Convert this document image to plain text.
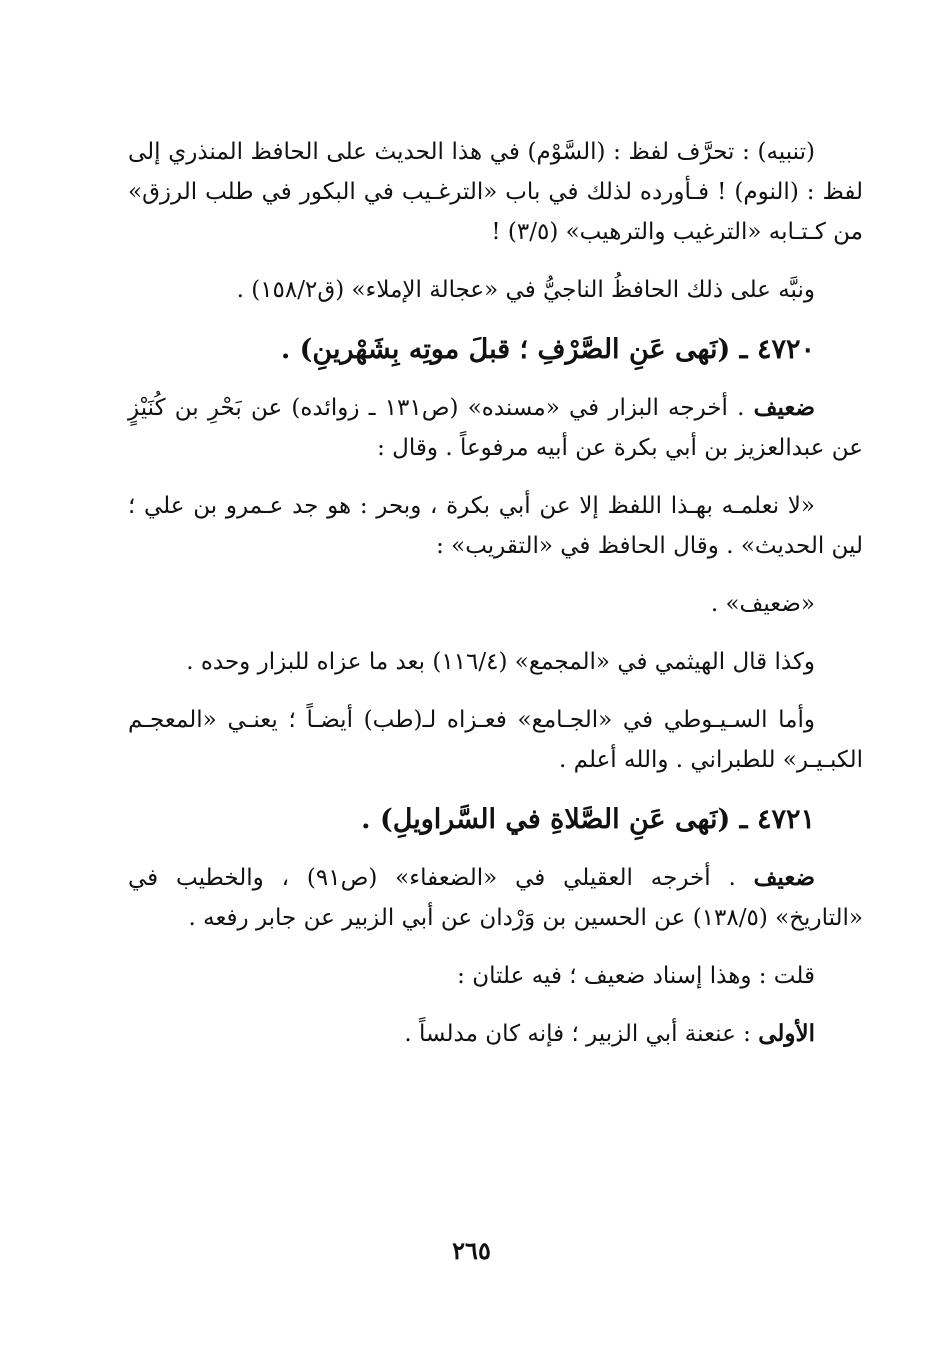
(تنبيه) : تحرَّف لفظ : (السَّوْم) في هذا الحديث على الحافظ المنذري إلى لفظ : (النوم) ! فـأورده لذلك في باب «الترغـيب في البكور في طلب الرزق» من كـتـابه «الترغيب والترهيب» (٣/٥) !

ونبَّه على ذلك الحافظُ الناجيُّ في «عجالة الإملاء» (ق١٥٨/٢) .

٤٧٢٠ ـ (نَهى عَنِ الصَّرْفِ ؛ قبلَ موتِه بِشَهْرينِ) .

ضعيف . أخرجه البزار في «مسنده» (ص١٣١ ـ زوائده) عن بَحْرِ بن كُنَيْزٍ عن عبدالعزيز بن أبي بكرة عن أبيه مرفوعاً . وقال :

«لا نعلمـه بهـذا اللفظ إلا عن أبي بكرة ، وبحر : هو جد عـمرو بن علي ؛ لين الحديث» . وقال الحافظ في «التقريب» :

«ضعيف» .

وكذا قال الهيثمي في «المجمع» (١١٦/٤) بعد ما عزاه للبزار وحده .

وأما السـيـوطي في «الجـامع» فعـزاه لـ(طب) أيضـاً ؛ يعنـي «المعجـم الكبـيـر» للطبراني . والله أعلم .

٤٧٢١ ـ (نَهى عَنِ الصَّلاةِ في السَّراويلِ) .

ضعيف . أخرجه العقيلي في «الضعفاء» (ص٩١) ، والخطيب في «التاريخ» (١٣٨/٥) عن الحسين بن وَرْدان عن أبي الزبير عن جابر رفعه .

قلت : وهذا إسناد ضعيف ؛ فيه علتان :

الأولى : عنعنة أبي الزبير ؛ فإنه كان مدلساً .

٢٦٥
